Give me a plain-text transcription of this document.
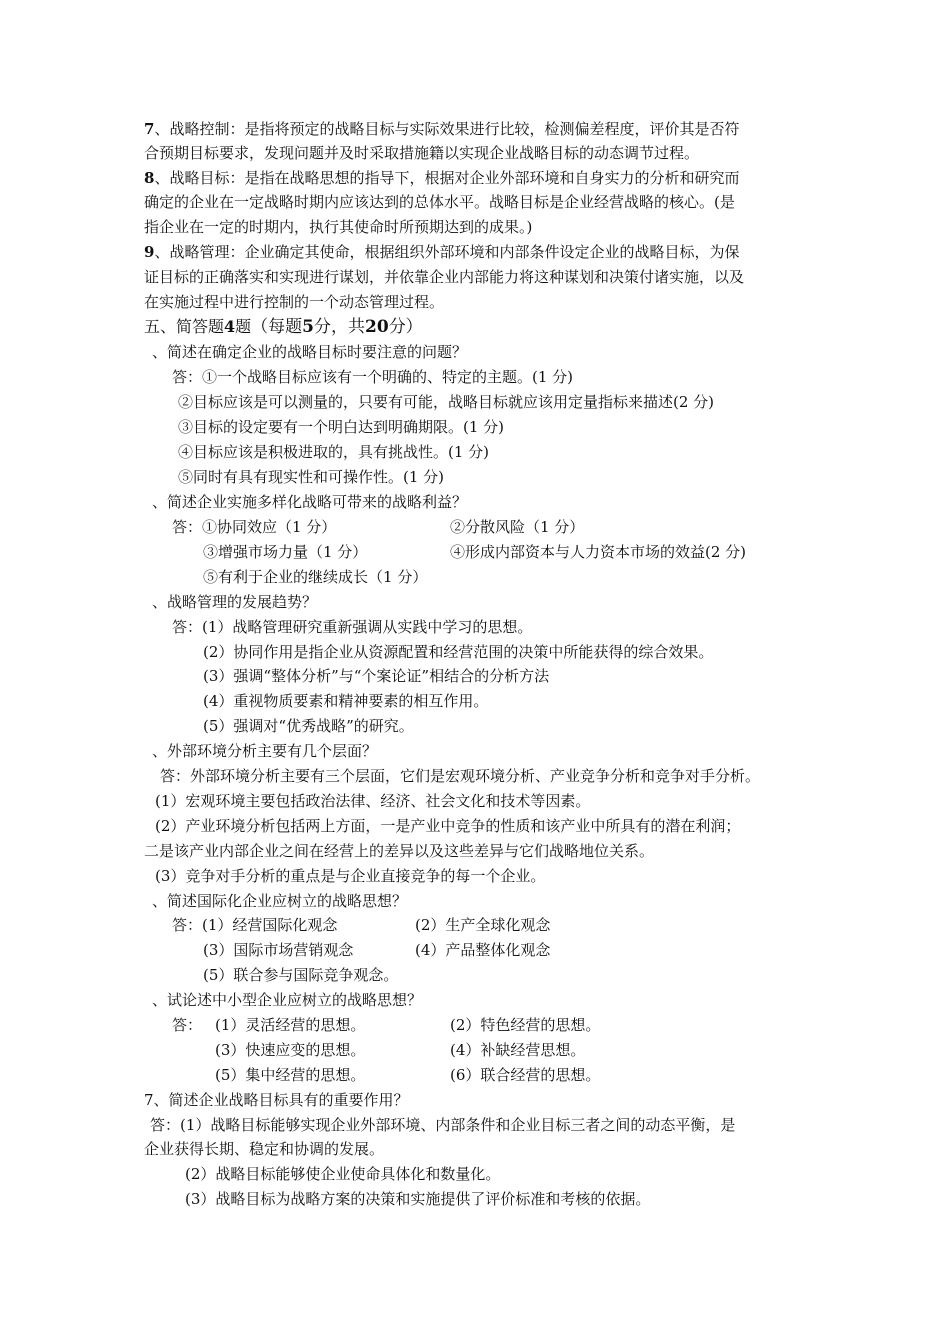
7、战略控制：是指将预定的战略目标与实际效果进行比较，检测偏差程度，评价其是否符
合预期目标要求，发现问题并及时采取措施籍以实现企业战略目标的动态调节过程。
8、战略目标：是指在战略思想的指导下，根据对企业外部环境和自身实力的分析和研究而
确定的企业在一定战略时期内应该达到的总体水平。战略目标是企业经营战略的核心。(是
指企业在一定的时期内，执行其使命时所预期达到的成果。)
9、战略管理：企业确定其使命，根据组织外部环境和内部条件设定企业的战略目标，为保
证目标的正确落实和实现进行谋划，并依靠企业内部能力将这种谋划和决策付诸实施，以及
在实施过程中进行控制的一个动态管理过程。
五、简答题4题（每题5分，共20分）
、简述在确定企业的战略目标时要注意的问题？
答：①一个战略目标应该有一个明确的、特定的主题。(1 分)
②目标应该是可以测量的，只要有可能，战略目标就应该用定量指标来描述(2 分)
③目标的设定要有一个明白达到明确期限。(1 分)
④目标应该是积极进取的，具有挑战性。(1 分)
⑤同时有具有现实性和可操作性。(1 分)
、简述企业实施多样化战略可带来的战略利益？
答：①协同效应（1 分）	②分散风险（1 分）
③增强市场力量（1 分）	④形成内部资本与人力资本市场的效益(2 分)
⑤有利于企业的继续成长（1 分）
、战略管理的发展趋势？
答：(1）战略管理研究重新强调从实践中学习的思想。
(2）协同作用是指企业从资源配置和经营范围的决策中所能获得的综合效果。
(3）强调“整体分析”与“个案论证”相结合的分析方法
(4）重视物质要素和精神要素的相互作用。
(5）强调对“优秀战略”的研究。
、外部环境分析主要有几个层面？
答：外部环境分析主要有三个层面，它们是宏观环境分析、产业竞争分析和竞争对手分析。
(1）宏观环境主要包括政治法律、经济、社会文化和技术等因素。
(2）产业环境分析包括两上方面，一是产业中竞争的性质和该产业中所具有的潜在利润；
二是该产业内部企业之间在经营上的差异以及这些差异与它们战略地位关系。
(3）竞争对手分析的重点是与企业直接竞争的每一个企业。
、简述国际化企业应树立的战略思想？
答：(1）经营国际化观念	(2）生产全球化观念
(3）国际市场营销观念	(4）产品整体化观念
(5）联合参与国际竞争观念。
、试论述中小型企业应树立的战略思想？
答： (1）灵活经营的思想。	(2）特色经营的思想。
(3）快速应变的思想。	(4）补缺经营思想。
(5）集中经营的思想。	(6）联合经营的思想。
7、简述企业战略目标具有的重要作用？
答：(1）战略目标能够实现企业外部环境、内部条件和企业目标三者之间的动态平衡，是
企业获得长期、稳定和协调的发展。
(2）战略目标能够使企业使命具体化和数量化。
(3）战略目标为战略方案的决策和实施提供了评价标准和考核的依据。
